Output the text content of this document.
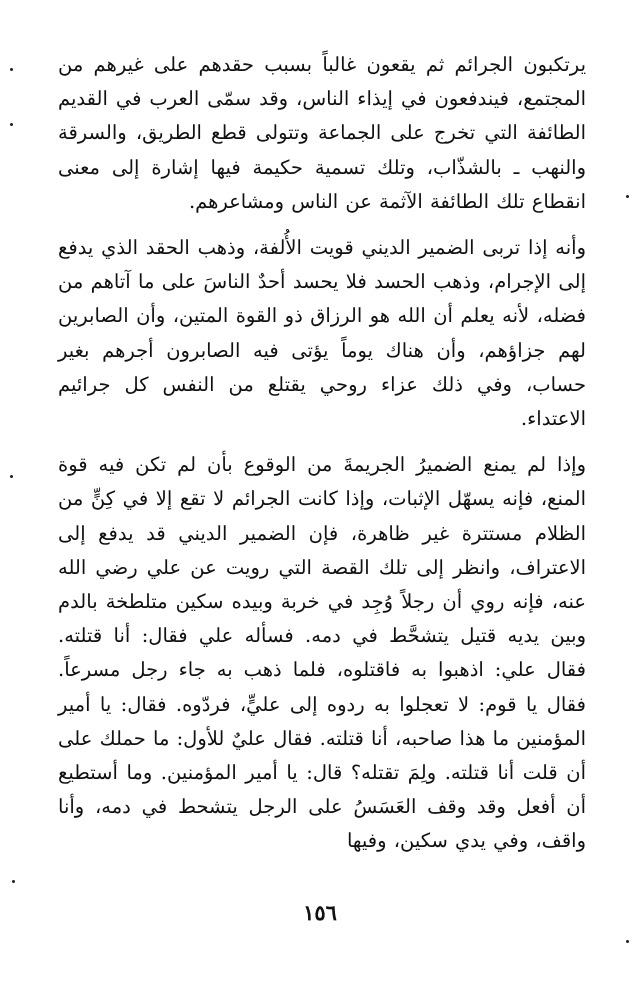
يرتكبون الجرائم ثم يقعون غالباً بسبب حقدهم على غيرهم من المجتمع، فيندفعون في إيذاء الناس، وقد سمّى العرب في القديم الطائفة التي تخرج على الجماعة وتتولى قطع الطريق، والسرقة والنهب ـ بالشذّاب، وتلك تسمية حكيمة فيها إشارة إلى معنى انقطاع تلك الطائفة الآثمة عن الناس ومشاعرهم.

وأنه إذا تربى الضمير الديني قويت الأُلفة، وذهب الحقد الذي يدفع إلى الإجرام، وذهب الحسد فلا يحسد أحدٌ الناسَ على ما آتاهم من فضله، لأنه يعلم أن الله هو الرزاق ذو القوة المتين، وأن الصابرين لهم جزاؤهم، وأن هناك يوماً يؤتى فيه الصابرون أجرهم بغير حساب، وفي ذلك عزاء روحي يقتلع من النفس كل جرائيم الاعتداء.

وإذا لم يمنع الضميرُ الجريمةَ من الوقوع بأن لم تكن فيه قوة المنع، فإنه يسهّل الإثبات، وإذا كانت الجرائم لا تقع إلا في كِنٍّ من الظلام مستترة غير ظاهرة، فإن الضمير الديني قد يدفع إلى الاعتراف، وانظر إلى تلك القصة التي رويت عن علي رضي الله عنه، فإنه روي أن رجلاً وُجِد في خربة وبيده سكين متلطخة بالدم وبين يديه قتيل يتشحَّط في دمه. فسأله علي فقال: أنا قتلته. فقال علي: اذهبوا به فاقتلوه، فلما ذهب به جاء رجل مسرعاً. فقال يا قوم: لا تعجلوا به ردوه إلى عليٍّ، فردّوه. فقال: يا أمير المؤمنين ما هذا صاحبه، أنا قتلته. فقال عليٌ للأول: ما حملك على أن قلت أنا قتلته. ولِمَ تقتله؟ قال: يا أمير المؤمنين. وما أستطيع أن أفعل وقد وقف العَسَسُ على الرجل يتشحط في دمه، وأنا واقف، وفي يدي سكين، وفيها

١٥٦
